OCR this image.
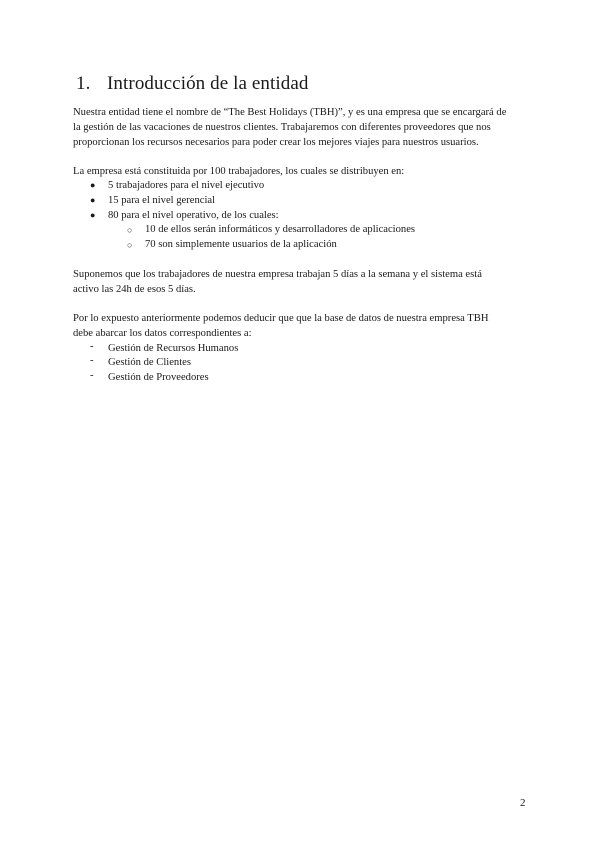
1. Introducción de la entidad

Nuestra entidad tiene el nombre de “The Best Holidays (TBH)”, y es una empresa que se encargará de

la gestión de las vacaciones de nuestros clientes. Trabajaremos con diferentes proveedores que nos

proporcionan los recursos necesarios para poder crear los mejores viajes para nuestros usuarios.

La empresa está constituida por 100 trabajadores, los cuales se distribuyen en:

● 5 trabajadores para el nivel ejecutivo
● 15 para el nivel gerencial
● 80 para el nivel operativo, de los cuales:
○ 10 de ellos serán informáticos y desarrolladores de aplicaciones
○ 70 son simplemente usuarios de la aplicación

Suponemos que los trabajadores de nuestra empresa trabajan 5 días a la semana y el sistema está

activo las 24h de esos 5 días.

Por lo expuesto anteriormente podemos deducir que que la base de datos de nuestra empresa TBH

debe abarcar los datos correspondientes a:

- Gestión de Recursos Humanos
- Gestión de Clientes
- Gestión de Proveedores
2
